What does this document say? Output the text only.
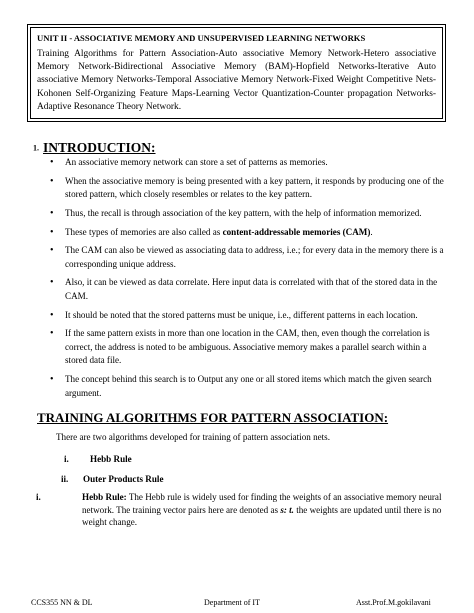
UNIT II - ASSOCIATIVE MEMORY AND UNSUPERVISED LEARNING NETWORKS

Training Algorithms for Pattern Association-Auto associative Memory Network-Hetero associative Memory Network-Bidirectional Associative Memory (BAM)-Hopfield Networks-Iterative Auto associative Memory Networks-Temporal Associative Memory Network-Fixed Weight Competitive Nets-Kohonen Self-Organizing Feature Maps-Learning Vector Quantization-Counter propagation Networks-Adaptive Resonance Theory Network.

1. INTRODUCTION:
• An associative memory network can store a set of patterns as memories.
• When the associative memory is being presented with a key pattern, it responds by producing one of the stored pattern, which closely resembles or relates to the key pattern.
• Thus, the recall is through association of the key pattern, with the help of information memorized.
• These types of memories are also called as content-addressable memories (CAM).
• The CAM can also be viewed as associating data to address, i.e.; for every data in the memory there is a corresponding unique address.
• Also, it can be viewed as data correlate. Here input data is correlated with that of the stored data in the CAM.
• It should be noted that the stored patterns must be unique, i.e., different patterns in each location.
• If the same pattern exists in more than one location in the CAM, then, even though the correlation is correct, the address is noted to be ambiguous. Associative memory makes a parallel search within a stored data file.
• The concept behind this search is to Output any one or all stored items which match the given search argument.
TRAINING ALGORITHMS FOR PATTERN ASSOCIATION:

There are two algorithms developed for training of pattern association nets.

i. Hebb Rule
ii. Outer Products Rule
i.	Hebb Rule: The Hebb rule is widely used for finding the weights of an associative memory neural network. The training vector pairs here are denoted as s: t. the weights are updated until there is no weight change.
CCS355 NN & DL	Department of IT	Asst.Prof.M.gokilavani
